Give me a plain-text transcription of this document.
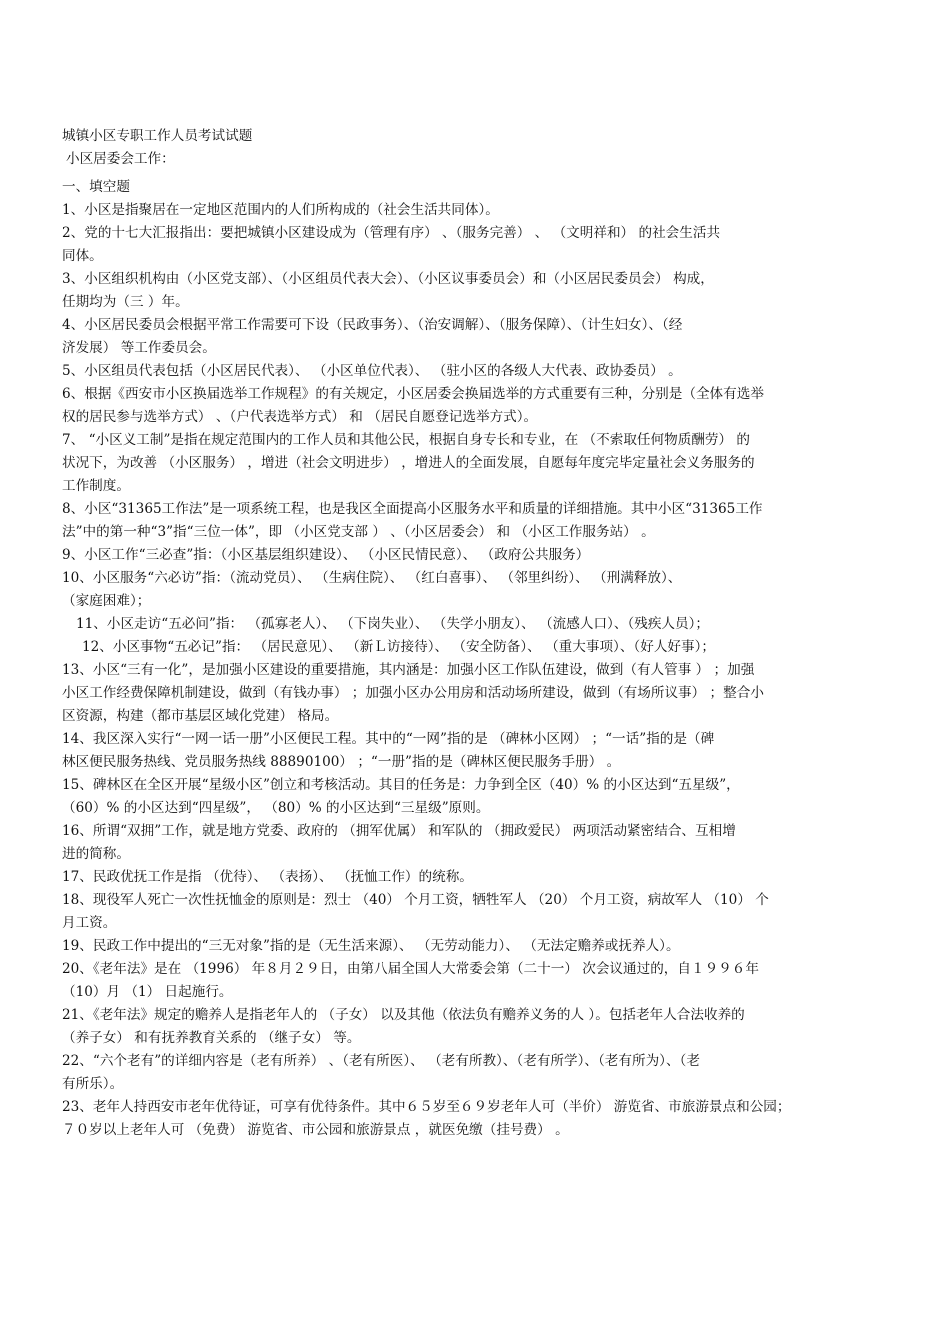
城镇小区专职工作人员考试试题
小区居委会工作：
一、填空题
1、小区是指聚居在一定地区范围内的人们所构成的（社会生活共同体）。
2、党的十七大汇报指出：要把城镇小区建设成为（管理有序） 、（服务完善） 、 （文明祥和） 的社会生活共
同体。
3、小区组织机构由（小区党支部）、（小区组员代表大会）、（小区议事委员会）和（小区居民委员会） 构成，
任期均为（三 ）年。
4、小区居民委员会根据平常工作需要可下设（民政事务）、（治安调解）、（服务保障）、（计生妇女）、（经
济发展） 等工作委员会。
5、小区组员代表包括（小区居民代表）、 （小区单位代表）、 （驻小区的各级人大代表、政协委员） 。
6、根据《西安市小区换届选举工作规程》的有关规定，小区居委会换届选举的方式重要有三种，分别是（全体有选举
权的居民参与选举方式） 、（户代表选举方式） 和 （居民自愿登记选举方式）。
7、 “小区义工制”是指在规定范围内的工作人员和其他公民，根据自身专长和专业，在 （不索取任何物质酬劳） 的
状况下，为改善 （小区服务） ，增进（社会文明进步） ，增进人的全面发展，自愿每年度完毕定量社会义务服务的
工作制度。
8、小区“31365工作法”是一项系统工程，也是我区全面提高小区服务水平和质量的详细措施。其中小区“31365工作
法”中的第一种“3”指“三位一体”，即 （小区党支部 ） 、（小区居委会） 和 （小区工作服务站） 。
9、小区工作“三必查”指：（小区基层组织建设）、 （小区民情民意）、 （政府公共服务）
10、小区服务“六必访”指：（流动党员）、 （生病住院）、 （红白喜事）、 （邻里纠纷）、 （刑满释放）、
（家庭困难）；
11、小区走访“五必问”指： （孤寡老人）、 （下岗失业）、 （失学小朋友）、 （流感人口）、（残疾人员）；
12、小区事物“五必记”指： （居民意见）、 （新Ｌ访接待）、 （安全防备）、 （重大事项）、（好人好事）；
13、小区“三有一化”，是加强小区建设的重要措施，其内涵是：加强小区工作队伍建设，做到（有人管事 ） ；加强
小区工作经费保障机制建设，做到（有钱办事） ；加强小区办公用房和活动场所建设，做到（有场所议事） ；整合小
区资源，构建（都市基层区域化党建） 格局。
14、我区深入实行“一网一话一册”小区便民工程。其中的“一网”指的是 （碑林小区网） ；“一话”指的是（碑
林区便民服务热线、党员服务热线 88890100） ；“一册”指的是（碑林区便民服务手册） 。
15、碑林区在全区开展“星级小区”创立和考核活动。其目的任务是：力争到全区（40）% 的小区达到“五星级”，
（60）% 的小区达到“四星级”， （80）% 的小区达到“三星级”原则。
16、所谓“双拥”工作，就是地方党委、政府的 （拥军优属） 和军队的 （拥政爱民） 两项活动紧密结合、互相增
进的简称。
17、民政优抚工作是指 （优待）、 （表扬）、 （抚恤工作）的统称。
18、现役军人死亡一次性抚恤金的原则是：烈士 （40） 个月工资，牺牲军人 （20） 个月工资，病故军人 （10） 个
月工资。
19、民政工作中提出的“三无对象”指的是（无生活来源）、 （无劳动能力）、 （无法定赡养或抚养人）。
20、《老年法》是在 （1996） 年８月２９日，由第八届全国人大常委会第（二十一） 次会议通过的，自１９９６年
（10）月 （1） 日起施行。
21、《老年法》规定的赡养人是指老年人的 （子女） 以及其他（依法负有赡养义务的人 ）。包括老年人合法收养的
（养子女） 和有抚养教育关系的 （继子女） 等。
22、“六个老有”的详细内容是（老有所养） 、（老有所医）、 （老有所教）、（老有所学）、（老有所为）、（老
有所乐）。
23、老年人持西安市老年优待证，可享有优待条件。其中６５岁至６９岁老年人可（半价） 游览省、市旅游景点和公园；
７０岁以上老年人可 （免费） 游览省、市公园和旅游景点 ，就医免缴（挂号费） 。
